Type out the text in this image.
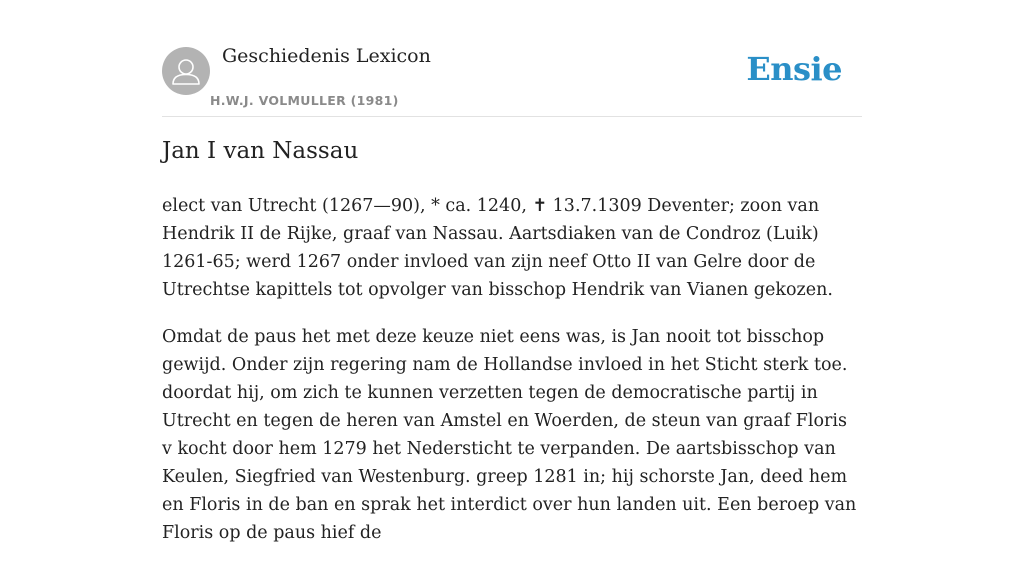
Geschiedenis Lexicon
H.W.J. VOLMULLER (1981)
Ensie
Jan I van Nassau

elect van Utrecht (1267—90), * ca. 1240, ✝ 13.7.1309 Deventer; zoon van Hendrik II de Rijke, graaf van Nassau. Aartsdiaken van de Condroz (Luik) 1261-65; werd 1267 onder invloed van zijn neef Otto II van Gelre door de Utrechtse kapittels tot opvolger van bisschop Hendrik van Vianen gekozen.

Omdat de paus het met deze keuze niet eens was, is Jan nooit tot bisschop gewijd. Onder zijn regering nam de Hollandse invloed in het Sticht sterk toe. doordat hij, om zich te kunnen verzetten tegen de democratische partij in Utrecht en tegen de heren van Amstel en Woerden, de steun van graaf Floris v kocht door hem 1279 het Nedersticht te verpanden. De aartsbisschop van Keulen, Siegfried van Westenburg. greep 1281 in; hij schorste Jan, deed hem en Floris in de ban en sprak het interdict over hun landen uit. Een beroep van Floris op de paus hief de
